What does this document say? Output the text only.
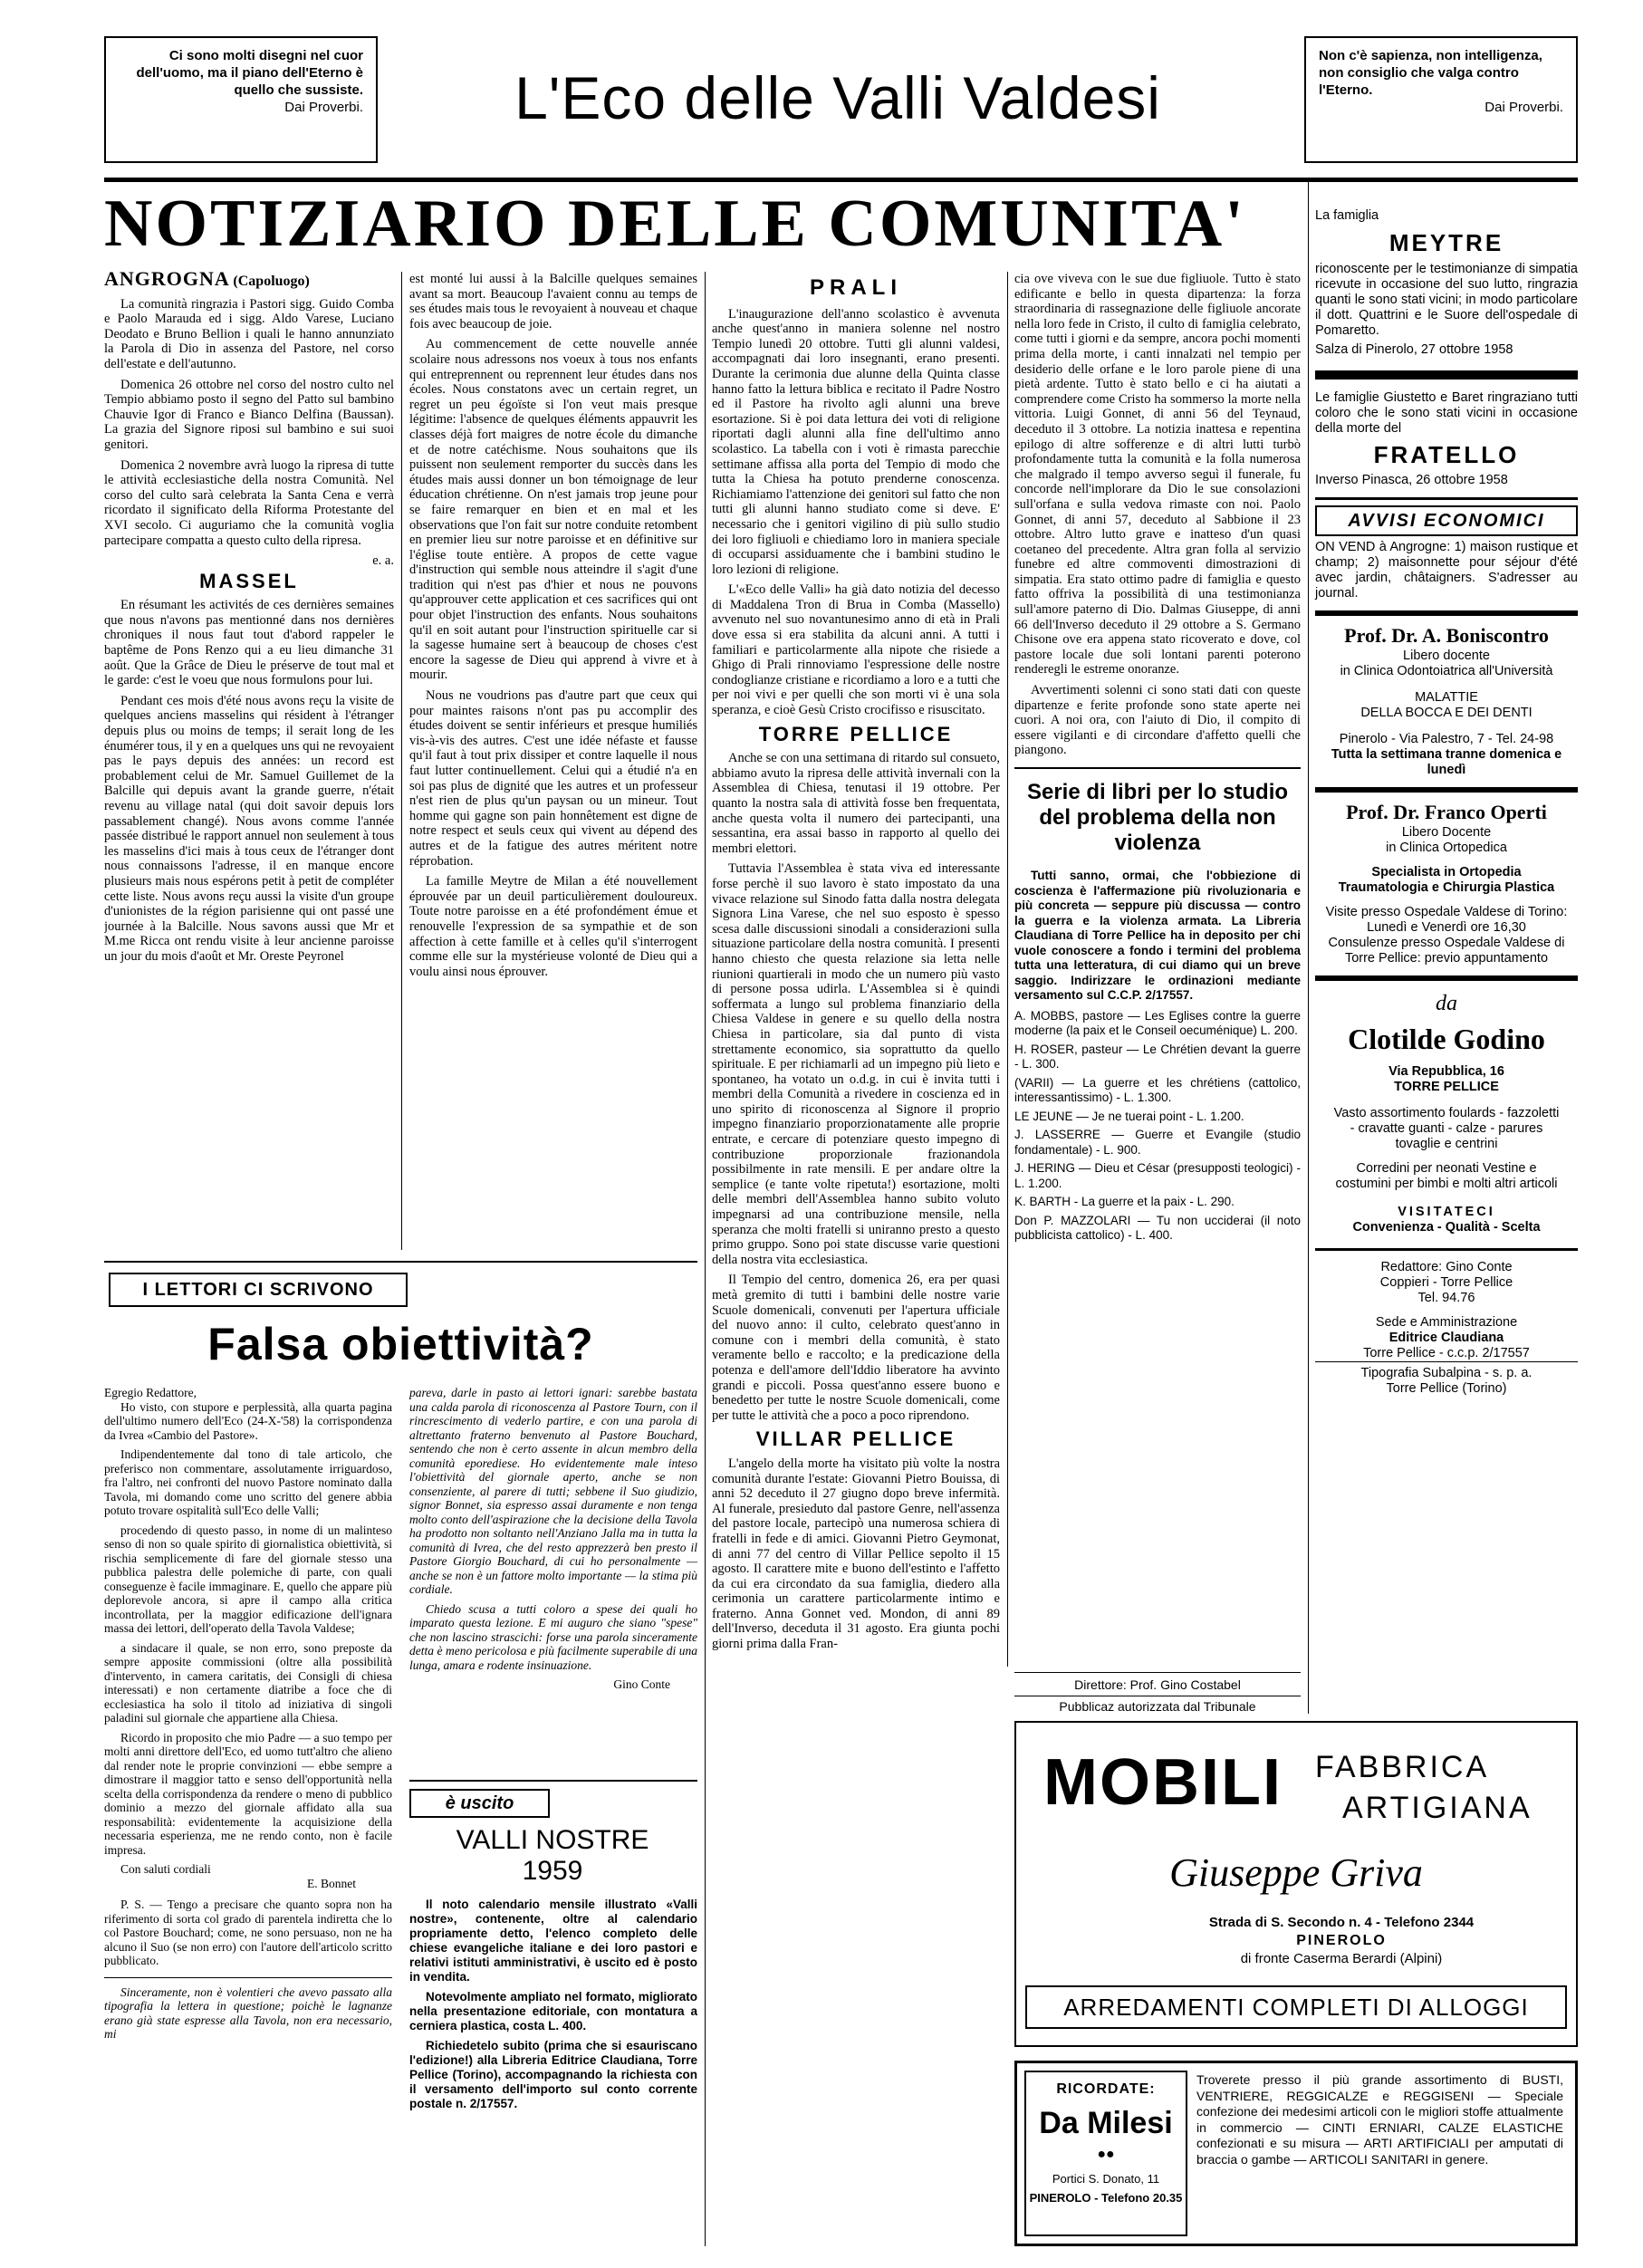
Ci sono molti disegni nel cuor dell'uomo, ma il piano dell'Eterno è quello che sussiste.
Dai Proverbi.	L'Eco delle Valli Valdesi
Non c'è sapienza, non intelligenza, non consiglio che valga contro l'Eterno.
Dai Proverbi.
NOTIZIARIO DELLE COMUNITA'
ANGROGNA (Capoluogo)

La comunità ringrazia i Pastori sigg. Guido Comba e Paolo Marauda ed i sigg. Aldo Varese, Luciano Deodato e Bruno Bellion i quali le hanno annunziato la Parola di Dio in assenza del Pastore, nel corso dell'estate e dell'autunno.

Domenica 26 ottobre nel corso del nostro culto nel Tempio abbiamo posto il segno del Patto sul bambino Chauvie Igor di Franco e Bianco Delfina (Baussan). La grazia del Signore riposi sul bambino e sui suoi genitori.

Domenica 2 novembre avrà luogo la ripresa di tutte le attività ecclesiastiche della nostra Comunità. Nel corso del culto sarà celebrata la Santa Cena e verrà ricordato il significato della Riforma Protestante del XVI secolo. Ci auguriamo che la comunità voglia partecipare compatta a questo culto della ripresa.

e. a.
MASSEL

En résumant les activités de ces dernières semaines que nous n'avons pas mentionné dans nos dernières chroniques il nous faut tout d'abord rappeler le baptême de Pons Renzo qui a eu lieu dimanche 31 août. Que la Grâce de Dieu le préserve de tout mal et le garde: c'est le voeu que nous formulons pour lui.

Pendant ces mois d'été nous avons reçu la visite de quelques anciens masselins qui résident à l'étranger depuis plus ou moins de temps; il serait long de les énumérer tous, il y en a quelques uns qui ne revoyaient pas le pays depuis des années: un record est probablement celui de Mr. Samuel Guillemet de la Balcille qui depuis avant la grande guerre, n'était revenu au village natal (qui doit savoir depuis lors passablement changé). Nous avons comme l'année passée distribué le rapport annuel non seulement à tous les masselins d'ici mais à tous ceux de l'étranger dont nous connaissons l'adresse, il en manque encore plusieurs mais nous espérons petit à petit de compléter cette liste. Nous avons reçu aussi la visite d'un groupe d'unionistes de la région parisienne qui ont passé une journée à la Balcille. Nous savons aussi que Mr et M.me Ricca ont rendu visite à leur ancienne paroisse un jour du mois d'août et Mr. Oreste Peyronel

est monté lui aussi à la Balcille quelques semaines avant sa mort. Beaucoup l'avaient connu au temps de ses études mais tous le revoyaient à nouveau et chaque fois avec beaucoup de joie.

Au commencement de cette nouvelle année scolaire nous adressons nos voeux à tous nos enfants qui entreprennent ou reprennent leur études dans nos écoles. Nous constatons avec un certain regret, un regret un peu égoïste si l'on veut mais presque légitime: l'absence de quelques éléments appauvrit les classes déjà fort maigres de notre école du dimanche et de notre catéchisme. Nous souhaitons que ils puissent non seulement remporter du succès dans les études mais aussi donner un bon témoignage de leur éducation chrétienne. On n'est jamais trop jeune pour se faire remarquer en bien et en mal et les observations que l'on fait sur notre conduite retombent en premier lieu sur notre paroisse et en définitive sur l'église toute entière. A propos de cette vague d'instruction qui semble nous atteindre il s'agit d'une tradition qui n'est pas d'hier et nous ne pouvons qu'approuver cette application et ces sacrifices qui ont pour objet l'instruction des enfants. Nous souhaitons qu'il en soit autant pour l'instruction spirituelle car si la sagesse humaine sert à beaucoup de choses c'est encore la sagesse de Dieu qui apprend à vivre et à mourir.

Nous ne voudrions pas d'autre part que ceux qui pour maintes raisons n'ont pas pu accomplir des études doivent se sentir inférieurs et presque humiliés vis-à-vis des autres. C'est une idée néfaste et fausse qu'il faut à tout prix dissiper et contre laquelle il nous faut lutter continuellement. Celui qui a étudié n'a en soi pas plus de dignité que les autres et un professeur n'est rien de plus qu'un paysan ou un mineur. Tout homme qui gagne son pain honnêtement est digne de notre respect et seuls ceux qui vivent au dépend des autres et de la fatigue des autres méritent notre réprobation.

La famille Meytre de Milan a été nouvellement éprouvée par un deuil particulièrement douloureux. Toute notre paroisse en a été profondément émue et renouvelle l'expression de sa sympathie et de son affection à cette famille et à celles qu'il s'interrogent comme elle sur la mystérieuse volonté de Dieu qui a voulu ainsi nous éprouver.

PRALI

L'inaugurazione dell'anno scolastico è avvenuta anche quest'anno in maniera solenne nel nostro Tempio lunedì 20 ottobre. Tutti gli alunni valdesi, accompagnati dai loro insegnanti, erano presenti. Durante la cerimonia due alunne della Quinta classe hanno fatto la lettura biblica e recitato il Padre Nostro ed il Pastore ha rivolto agli alunni una breve esortazione. Si è poi data lettura dei voti di religione riportati dagli alunni alla fine dell'ultimo anno scolastico. La tabella con i voti è rimasta parecchie settimane affissa alla porta del Tempio di modo che tutta la Chiesa ha potuto prenderne conoscenza. Richiamiamo l'attenzione dei genitori sul fatto che non tutti gli alunni hanno studiato come si deve. E' necessario che i genitori vigilino di più sullo studio dei loro figliuoli e chiediamo loro in maniera speciale di occuparsi assiduamente che i bambini studino le loro lezioni di religione.

L'«Eco delle Valli» ha già dato notizia del decesso di Maddalena Tron di Brua in Comba (Massello) avvenuto nel suo novantunesimo anno di età in Prali dove essa si era stabilita da alcuni anni. A tutti i familiari e particolarmente alla nipote che risiede a Ghigo di Prali rinnoviamo l'espressione delle nostre condoglianze cristiane e ricordiamo a loro e a tutti che per noi vivi e per quelli che son morti vi è una sola speranza, e cioè Gesù Cristo crocifisso e risuscitato.

TORRE PELLICE

Anche se con una settimana di ritardo sul consueto, abbiamo avuto la ripresa delle attività invernali con la Assemblea di Chiesa, tenutasi il 19 ottobre. Per quanto la nostra sala di attività fosse ben frequentata, anche questa volta il numero dei partecipanti, una sessantina, era assai basso in rapporto al quello dei membri elettori.

Tuttavia l'Assemblea è stata viva ed interessante forse perchè il suo lavoro è stato impostato da una vivace relazione sul Sinodo fatta dalla nostra delegata Signora Lina Varese, che nel suo esposto è spesso scesa dalle discussioni sinodali a considerazioni sulla situazione particolare della nostra comunità. I presenti hanno chiesto che questa relazione sia letta nelle riunioni quartierali in modo che un numero più vasto di persone possa udirla. L'Assemblea si è quindi soffermata a lungo sul problema finanziario della Chiesa Valdese in genere e su quello della nostra Chiesa in particolare, sia dal punto di vista strettamente economico, sia soprattutto da quello spirituale. E per richiamarli ad un impegno più lieto e spontaneo, ha votato un o.d.g. in cui è invita tutti i membri della Comunità a rivedere in coscienza ed in uno spirito di riconoscenza al Signore il proprio impegno finanziario proporzionatamente alle proprie entrate, e cercare di potenziare questo impegno di contribuzione proporzionale frazionandola possibilmente in rate mensili. E per andare oltre la semplice (e tante volte ripetuta!) esortazione, molti delle membri dell'Assemblea hanno subito voluto impegnarsi ad una contribuzione mensile, nella speranza che molti fratelli si uniranno presto a questo primo gruppo. Sono poi state discusse varie questioni della nostra vita ecclesiastica.

Il Tempio del centro, domenica 26, era per quasi metà gremito di tutti i bambini delle nostre varie Scuole domenicali, convenuti per l'apertura ufficiale del nuovo anno: il culto, celebrato quest'anno in comune con i membri della comunità, è stato veramente bello e raccolto; e la predicazione della potenza e dell'amore dell'Iddio liberatore ha avvinto grandi e piccoli. Possa quest'anno essere buono e benedetto per tutte le nostre Scuole domenicali, come per tutte le attività che a poco a poco riprendono.

VILLAR PELLICE

L'angelo della morte ha visitato più volte la nostra comunità durante l'estate: Giovanni Pietro Bouissa, di anni 52 deceduto il 27 giugno dopo breve infermità. Al funerale, presieduto dal pastore Genre, nell'assenza del pastore locale, partecipò una numerosa schiera di fratelli in fede e di amici. Giovanni Pietro Geymonat, di anni 77 del centro di Villar Pellice sepolto il 15 agosto. Il carattere mite e buono dell'estinto e l'affetto da cui era circondato da sua famiglia, diedero alla cerimonia un carattere particolarmente intimo e fraterno. Anna Gonnet ved. Mondon, di anni 89 dell'Inverso, deceduta il 31 agosto. Era giunta pochi giorni prima dalla Fran-

cia ove viveva con le sue due figliuole. Tutto è stato edificante e bello in questa dipartenza: la forza straordinaria di rassegnazione delle figliuole ancorate nella loro fede in Cristo, il culto di famiglia celebrato, come tutti i giorni e da sempre, ancora pochi momenti prima della morte, i canti innalzati nel tempio per desiderio delle orfane e le loro parole piene di una pietà ardente. Tutto è stato bello e ci ha aiutati a comprendere come Cristo ha sommerso la morte nella vittoria. Luigi Gonnet, di anni 56 del Teynaud, deceduto il 3 ottobre. La notizia inattesa e repentina epilogo di altre sofferenze e di altri lutti turbò profondamente tutta la comunità e la folla numerosa che malgrado il tempo avverso seguì il funerale, fu concorde nell'implorare da Dio le sue consolazioni sull'orfana e sulla vedova rimaste con noi. Paolo Gonnet, di anni 57, deceduto al Sabbione il 23 ottobre. Altro lutto grave e inatteso d'un quasi coetaneo del precedente. Altra gran folla al servizio funebre ed altre commoventi dimostrazioni di simpatia. Era stato ottimo padre di famiglia e questo fatto offriva la possibilità di una testimonianza sull'amore paterno di Dio. Dalmas Giuseppe, di anni 66 dell'Inverso deceduto il 29 ottobre a S. Germano Chisone ove era appena stato ricoverato e dove, col pastore locale due soli lontani parenti poterono renderegli le estreme onoranze.

Avvertimenti solenni ci sono stati dati con queste dipartenze e ferite profonde sono state aperte nei cuori. A noi ora, con l'aiuto di Dio, il compito di essere vigilanti e di circondare d'affetto quelli che piangono.

Serie di libri per lo studio del problema della non violenza

Tutti sanno, ormai, che l'obbiezione di coscienza è l'affermazione più rivoluzionaria e più concreta — seppure più discussa — contro la guerra e la violenza armata. La Libreria Claudiana di Torre Pellice ha in deposito per chi vuole conoscere a fondo i termini del problema tutta una letteratura, di cui diamo qui un breve saggio. Indirizzare le ordinazioni mediante versamento sul C.C.P. 2/17557.

A. MOBBS, pastore — Les Eglises contre la guerre moderne (la paix et le Conseil oecuménique) L. 200.

H. ROSER, pasteur — Le Chrétien devant la guerre - L. 300.

(VARII) — La guerre et les chrétiens (cattolico, interessantissimo) - L. 1.300.

LE JEUNE — Je ne tuerai point - L. 1.200.

J. LASSERRE — Guerre et Evangile (studio fondamentale) - L. 900.

J. HERING — Dieu et César (presupposti teologici) - L. 1.200.

K. BARTH - La guerre et la paix - L. 290.

Don P. MAZZOLARI — Tu non ucciderai (il noto pubblicista cattolico) - L. 400.

Direttore: Prof. Gino Costabel
Pubblicaz autorizzata dal Tribunale
La famiglia
MEYTRE
riconoscente per le testimonianze di simpatia ricevute in occasione del suo lutto, ringrazia quanti le sono stati vicini; in modo particolare il dott. Quattrini e le Suore dell'ospedale di Pomaretto.
Salza di Pinerolo, 27 ottobre 1958
Le famiglie Giustetto e Baret ringraziano tutti coloro che le sono stati vicini in occasione della morte del
FRATELLO
Inverso Pinasca, 26 ottobre 1958
AVVISI ECONOMICI
ON VEND à Angrogne: 1) maison rustique et champ; 2) maisonnette pour séjour d'été avec jardin, châtaigners. S'adresser au journal.
Prof. Dr. A. Boniscontro
Libero docente
in Clinica Odontoiatrica all'Università
MALATTIE
DELLA BOCCA E DEI DENTI
Pinerolo - Via Palestro, 7 - Tel. 24-98
Tutta la settimana tranne domenica e lunedì
Prof. Dr. Franco Operti
Libero Docente
in Clinica Ortopedica
Specialista in Ortopedia
Traumatologia e Chirurgia Plastica
Visite presso Ospedale Valdese di Torino: Lunedì e Venerdì ore 16,30
Consulenze presso Ospedale Valdese di Torre Pellice: previo appuntamento
da
Clotilde Godino
Via Repubblica, 16
TORRE PELLICE
Vasto assortimento foulards - fazzoletti - cravatte guanti - calze - parures tovaglie e centrini
Corredini per neonati Vestine e costumini per bimbi e molti altri articoli
VISITATECI
Convenienza - Qualità - Scelta
Redattore: Gino Conte
Coppieri - Torre Pellice
Tel. 94.76
Sede e Amministrazione
Editrice Claudiana
Torre Pellice - c.c.p. 2/17557
Tipografia Subalpina - s. p. a.
Torre Pellice (Torino)
I LETTORI CI SCRIVONO
Falsa obiettività?
Egregio Redattore,

Ho visto, con stupore e perplessità, alla quarta pagina dell'ultimo numero dell'Eco (24-X-'58) la corrispondenza da Ivrea «Cambio del Pastore».

Indipendentemente dal tono di tale articolo, che preferisco non commentare, assolutamente irriguardoso, fra l'altro, nei confronti del nuovo Pastore nominato dalla Tavola, mi domando come uno scritto del genere abbia potuto trovare ospitalità sull'Eco delle Valli;

procedendo di questo passo, in nome di un malinteso senso di non so quale spirito di giornalistica obiettività, si rischia semplicemente di fare del giornale stesso una pubblica palestra delle polemiche di parte, con quali conseguenze è facile immaginare. E, quello che appare più deplorevole ancora, si apre il campo alla critica incontrollata, per la maggior edificazione dell'ignara massa dei lettori, dell'operato della Tavola Valdese;

a sindacare il quale, se non erro, sono preposte da sempre apposite commissioni (oltre alla possibilità d'intervento, in camera caritatis, dei Consigli di chiesa interessati) e non certamente diatribe a foce che di ecclesiastica ha solo il titolo ad iniziativa di singoli paladini sul giornale che appartiene alla Chiesa.

Ricordo in proposito che mio Padre — a suo tempo per molti anni direttore dell'Eco, ed uomo tutt'altro che alieno dal render note le proprie convinzioni — ebbe sempre a dimostrare il maggior tatto e senso dell'opportunità nella scelta della corrispondenza da rendere o meno di pubblico dominio a mezzo del giornale affidato alla sua responsabilità: evidentemente la acquisizione della necessaria esperienza, me ne rendo conto, non è facile impresa.

Con saluti cordiali
E. Bonnet

P. S. — Tengo a precisare che quanto sopra non ha riferimento di sorta col grado di parentela indiretta che lo col Pastore Bouchard; come, ne sono persuaso, non ne ha alcuno il Suo (se non erro) con l'autore dell'articolo scritto pubblicato.

Sinceramente, non è volentieri che avevo passato alla tipografia la lettera in questione; poichè le lagnanze erano già state espresse alla Tavola, non era necessario, mi

pareva, darle in pasto ai lettori ignari: sarebbe bastata una calda parola di riconoscenza al Pastore Tourn, con il rincrescimento di vederlo partire, e con una parola di altrettanto fraterno benvenuto al Pastore Bouchard, sentendo che non è certo assente in alcun membro della comunità eporediese. Ho evidentemente male inteso l'obiettività del giornale aperto, anche se non consenziente, al parere di tutti; sebbene il Suo giudizio, signor Bonnet, sia espresso assai duramente e non tenga molto conto dell'aspirazione che la decisione della Tavola ha prodotto non soltanto nell'Anziano Jalla ma in tutta la comunità di Ivrea, che del resto apprezzerà ben presto il Pastore Giorgio Bouchard, di cui ho personalmente — anche se non è un fattore molto importante — la stima più cordiale.

Chiedo scusa a tutti coloro a spese dei quali ho imparato questa lezione. E mi auguro che siano "spese" che non lascino strascichi: forse una parola sinceramente detta è meno pericolosa e più facilmente superabile di una lunga, amara e rodente insinuazione.

Gino Conte
è uscito
VALLI NOSTRE 1959

Il noto calendario mensile illustrato «Valli nostre», contenente, oltre al calendario propriamente detto, l'elenco completo delle chiese evangeliche italiane e dei loro pastori e relativi istituti amministrativi, è uscito ed è posto in vendita.

Notevolmente ampliato nel formato, migliorato nella presentazione editoriale, con montatura a cerniera plastica, costa L. 400.

Richiedetelo subito (prima che si esauriscano l'edizione!) alla Libreria Editrice Claudiana, Torre Pellice (Torino), accompagnando la richiesta con il versamento dell'importo sul conto corrente postale n. 2/17557.

MOBILI FABBRICA
ARTIGIANA
Giuseppe Griva
Strada di S. Secondo n. 4 - Telefono 2344
PINEROLO
di fronte Caserma Berardi (Alpini)
ARREDAMENTI COMPLETI DI ALLOGGI
RICORDATE:
Da Milesi
●●
Portici S. Donato, 11
PINEROLO - Telefono 20.35
Troverete presso il più grande assortimento di BUSTI, VENTRIERE, REGGICALZE e REGGISENI — Speciale confezione dei medesimi articoli con le migliori stoffe attualmente in commercio — CINTI ERNIARI, CALZE ELASTICHE confezionati e su misura — ARTI ARTIFICIALI per amputati di braccia o gambe — ARTICOLI SANITARI in genere.
